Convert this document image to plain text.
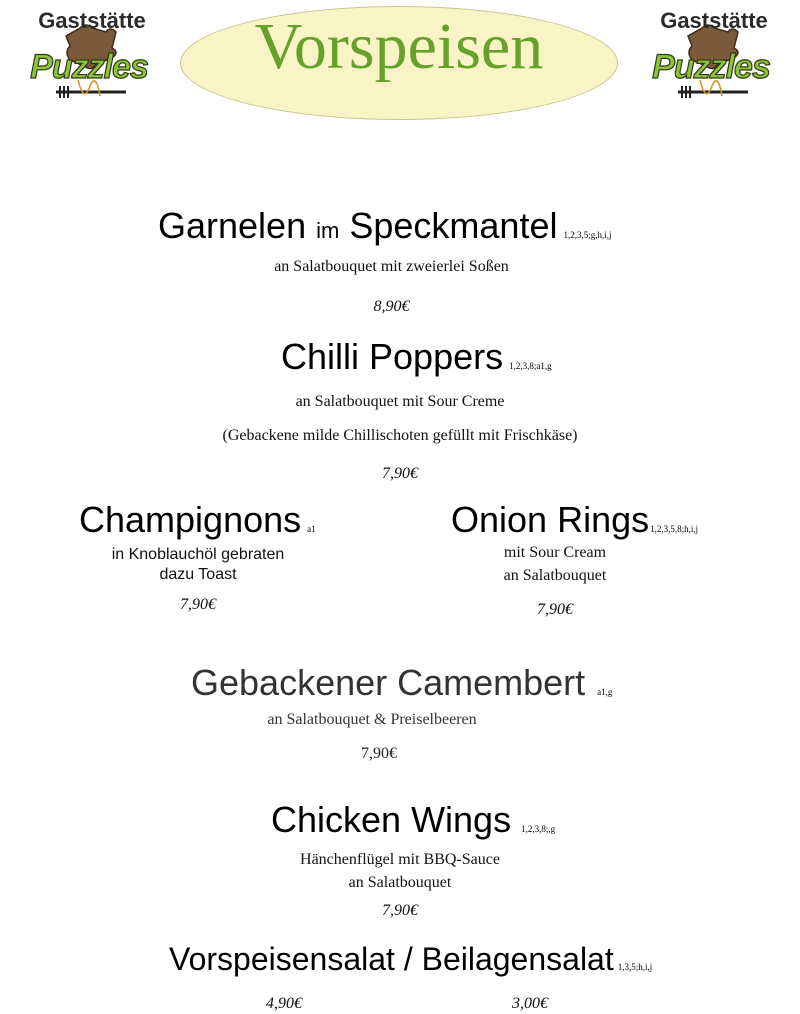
Gaststätte
Puzzles	Vorspeisen	Gaststätte
Puzzles
Garnelen im Speckmantel 1,2,3,5;g,h,i,j
an Salatbouquet mit zweierlei Soßen
8,90€
Chilli Poppers 1,2,3,8;a1,g
an Salatbouquet mit Sour Creme
(Gebackene milde Chillischoten gefüllt mit Frischkäse)
7,90€
Champignons a1
in Knoblauchöl gebraten
dazu Toast
7,90€
Onion Rings1,2,3,5,8;h,i,j
mit Sour Cream
an Salatbouquet
7,90€
Gebackener Camembert a1,g
an Salatbouquet & Preiselbeeren
7,90€
Chicken Wings 1,2,3,8;,g
Hänchenflügel mit BBQ-Sauce
an Salatbouquet
7,90€
Vorspeisensalat / Beilagensalat 1,3,5;h,i,j
4,90€	3,00€
